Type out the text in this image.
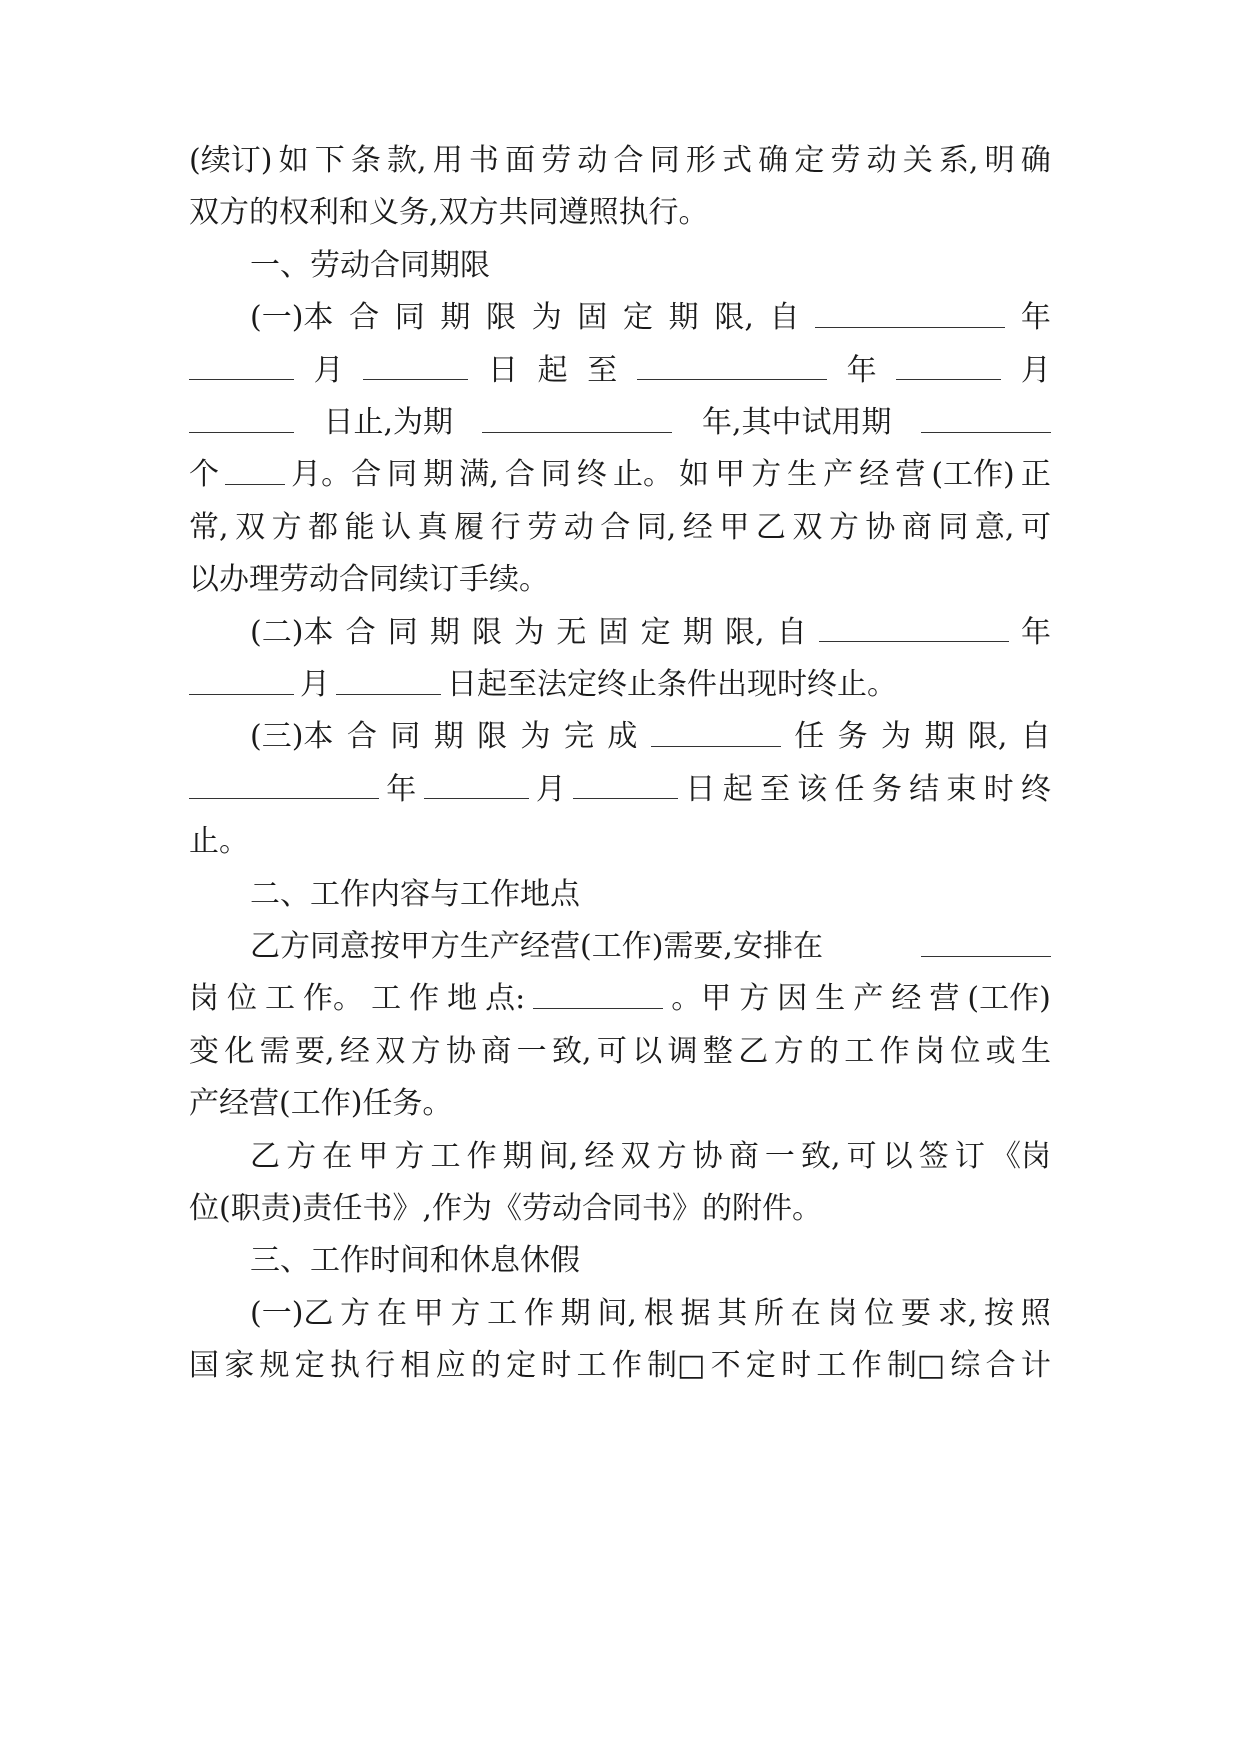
(续订) 如 下 条 款, 用 书 面 劳 动 合 同 形 式 确 定 劳 动 关 系, 明 确
双方的权利和义务,双方共同遵照执行。
一、劳动合同期限
(一)本 合 同 期 限 为 固 定 期 限, 自	年
月	日 起 至	年	月
日止,为期	年,其中试用期
个 月。合 同 期 满, 合 同 终 止。 如 甲 方 生 产 经 营 (工作) 正
常, 双 方 都 能 认 真 履 行 劳 动 合 同, 经 甲 乙 双 方 协 商 同 意, 可
以办理劳动合同续订手续。
(二)本 合 同 期 限 为 无 固 定 期 限, 自	年
月	日起至法定终止条件出现时终止。
(三)本 合 同 期 限 为 完 成	任 务 为 期 限, 自
年	月	日 起 至 该 任 务 结 束 时 终
止。
二、工作内容与工作地点
乙方同意按甲方生产经营(工作)需要,安排在
岗 位 工 作。 工 作 地 点:	。甲 方 因 生 产 经 营 (工作)
变 化 需 要, 经 双 方 协 商 一 致, 可 以 调 整 乙 方 的 工 作 岗 位 或 生
产经营(工作)任务。
乙 方 在 甲 方 工 作 期 间, 经 双 方 协 商 一 致, 可 以 签 订 《岗
位(职责)责任书》,作为《劳动合同书》的附件。
三、工作时间和休息休假
(一)乙 方 在 甲 方 工 作 期 间, 根 据 其 所 在 岗 位 要 求, 按 照
国 家 规 定 执 行 相 应 的 定 时 工 作 制□ 不 定 时 工 作 制□ 综 合 计
